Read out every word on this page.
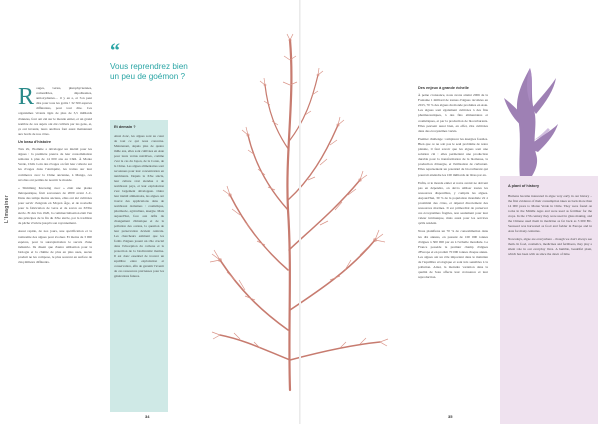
L'Imaginer

Rouges, vertes, phéophycéennes, comestibles, dépolluantes, antioxydantes… il y en a, et l'on peut dire pour tous les goûts ! 32 500 espèces différentes, pour tout dire. Ces organismes vivants âgés de plus de 3,5 milliards d'années, font ont été sur le monde entier, et un grand nombre de ces sujets ont été cultivés par les gens, et, ça ont inventé, leurs ancêtres font aussi maintenant aux bords de nos côtes.

Un beau d'histoire

Très tôt, l'homme a développé un intérêt pour les algues : la première preuve de leur consommation remonte à plus de 14 000 ans au Chili. À Monte Verde, Chili. Loin des rivages on fait leur collecte sur les rivages dans l'Antiquité, les traites sur leur commerce avec la Chine ancienne, à Manga, ces récoltes ont permis de nourrir le monde.

« Slimming Knowing avec » était une plante thérapeutique, fruit savoureux de 2000 avant J.-C. Dans des temps moins anciens, elles ont été cultivées pour servir d'engrais en Moyen Âge, et de nouvelle pour la fabrication de verre et de savon au XVIIe siècle. Et dès l'an 1920, la commercialisation était l'un des principes de la fin du XXe siècle, par la tradition de pêche vivrière jusqu'à son rayonnement.

Aussi rapide, de nos jours, une spécification et la taxinomie des algues pour évoluer. Et moins de 3 000 espèces, pour la surexploitation le succès d'une industrie. Ils disent que d'autre utilisation pour la biologie et la chimie de plus en plus usée, aucun produit ne les compose, le plus souvent en surface de cinq milieux différents.

“
Vous reprendrez bien un peu de goémon ?
Et demain ?
Ainsi donc, les algues sont au cœur de tout ce qui nous concerne. Maintenant, depuis plus de quatre mille ans, elles sont cultivées en Asie pour leurs vertus nutritives, comme c'est le cas du Japon, de la Corée, de la Chine. Les algues alimentaires sont reconnues pour leur concentration en nutriments. Depuis le XXe siècle, leur culture s'est étendue à de nombreux pays, et leur exploitation s'est largement développée. Outre leur intérêt alimentaire, les algues ont trouvé des applications dans de nombreux domaines : cosmétique, pharmacie, agriculture, énergie. Mais aujourd'hui, face aux défis du changement climatique et de la pollution des océans, la question de leur préservation devient centrale. Les chercheurs estiment que les forêts d'algues jouent un rôle crucial dans l'absorption du carbone et la protection de la biodiversité marine. Il est donc essentiel de trouver un équilibre entre exploitation et conservation, afin de garantir l'avenir de ces ressources précieuses pour les générations futures.
34
Des enjeux à grande échelle

À peine croissance, nous avons atteint 2006 de la Fontaine 1 milliard de tonnes d'algues récoltées en 2015, 70 % des algues du monde produites en Asie. Les algues sont également cultivées à des fins pharmaceutiques, à des fins alimentaires et cosmétiques, et par la production de biocarburants. Elles peuvent aussi bien, en effet, être cultivées dans des écosystèmes variés.

Premier challenge : remplacer les énergies fossiles. Bien que ce ne soit pas le seul problème de notre planète, il faut savoir que les algues sont une solution clé : elles permettent une production durable pour la transformation de la biomasse, la production d'énergie, et l'utilisation de carburant. Elles représentent un potentiel de biocarburant qui pourrait atteindre les 100 milliards de litres par an.

Enfin, si le monde entier et notre avenir ne doivent pas en dépendre, on devra utiliser toutes les ressources disponibles, y compris les algues. Aujourd'hui, 30 % de la population mondiale vit à proximité des côtes, et dépend directement des ressources marines. Il est primordial de préserver ces écosystèmes fragiles, non seulement pour leur valeur intrinsèque, mais aussi pour les services qu'ils rendent.

Nous planifions un 70 % de consommation dans les dix années, en passant de 100 000 tonnes d'algues à 300 000 par an à l'échelle mondiale. La France possède le premier champ d'algues d'Europe et en produit 70 000 tonnes chaque année. Les algues ont un rôle important dans le maintien de l'équilibre écologique et sont très sensibles à la pollution. Ainsi, la moindre variation dans la qualité de l'eau affecte leur croissance et leur reproduction.

35
A plant of history

Humans became interested in algae very early in our history – the first evidence of their consumption takes us back more than 14 000 years to Monte Verde in Chile. They were found on rocks in the Middle Ages and were used as fertiliser for the crops. In the 17th century they were used in glass making, and the Chinese used them in medicine as far back as 3 000 BC. Seaweed was harvested as food and fodder in Europe and in Asia for many centuries.

Nowadays, algae are everywhere – though we don't always see them. In food, cosmetics, medicines and fertilisers, they play a silent role in our everyday lives. A humble, beautiful plant, which has been with us since the dawn of time.
